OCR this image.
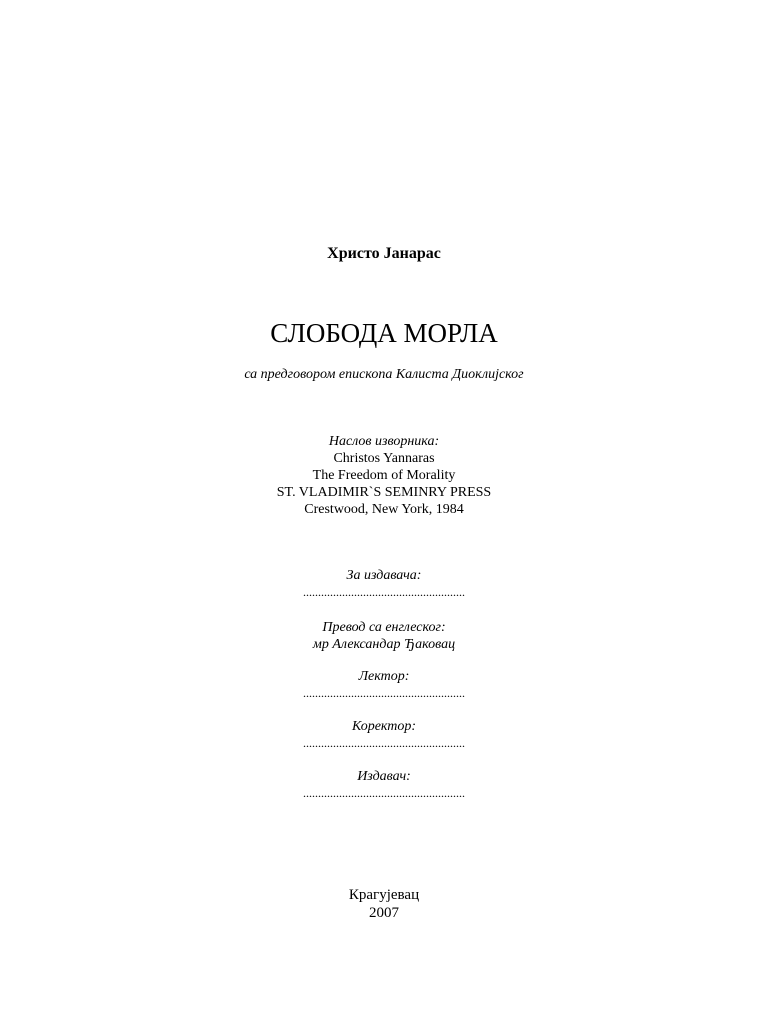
Христо Јанарас
СЛОБОДА МОРЛА
са предговором епископа Калиста Диоклијског
Наслов изворника:
Christos Yannaras
The Freedom of Morality
ST. VLADIMIR`S SEMINRY PRESS
Crestwood, New York, 1984
За издавача:
......................................................
Превод са енглеског:
мр Александар Ђаковац
Лектор:
......................................................
Коректор:
......................................................
Издавач:
......................................................
Крагујевац
2007
